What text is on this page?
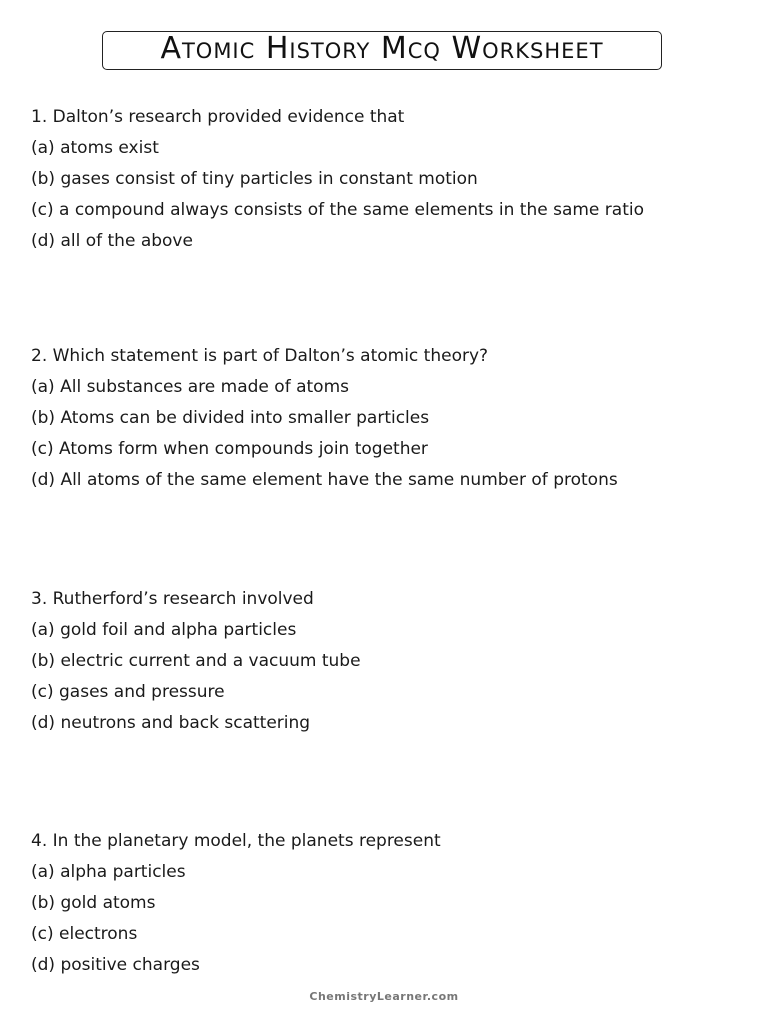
Atomic History Mcq Worksheet
1. Dalton’s research provided evidence that
(a) atoms exist
(b) gases consist of tiny particles in constant motion
(c) a compound always consists of the same elements in the same ratio
(d) all of the above
2. Which statement is part of Dalton’s atomic theory?
(a) All substances are made of atoms
(b) Atoms can be divided into smaller particles
(c) Atoms form when compounds join together
(d) All atoms of the same element have the same number of protons
3. Rutherford’s research involved
(a) gold foil and alpha particles
(b) electric current and a vacuum tube
(c) gases and pressure
(d) neutrons and back scattering
4. In the planetary model, the planets represent
(a) alpha particles
(b) gold atoms
(c) electrons
(d) positive charges
ChemistryLearner.com
